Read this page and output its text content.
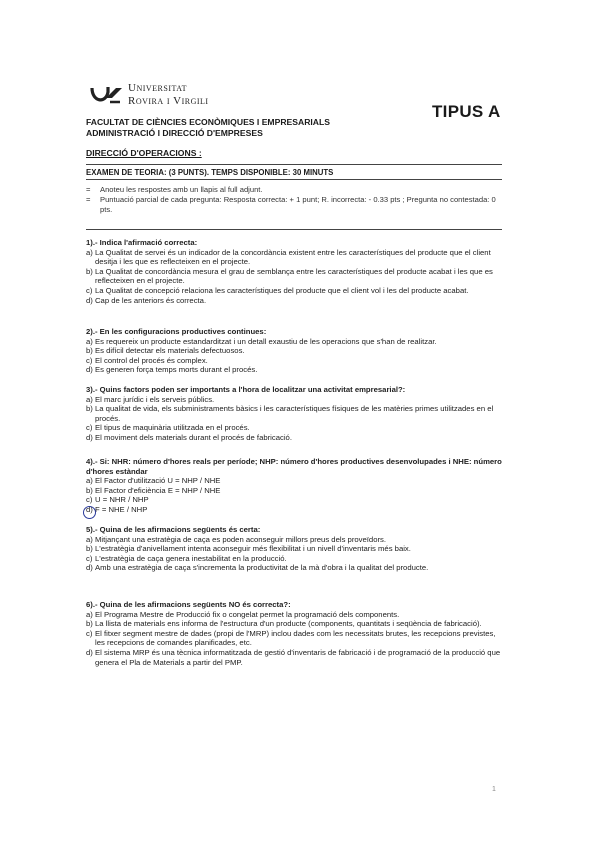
Universitat
Rovira i Virgili
TIPUS A
FACULTAT DE CIÈNCIES ECONÒMIQUES I EMPRESARIALS
ADMINISTRACIÓ I DIRECCIÓ D'EMPRESES
DIRECCIÓ D'OPERACIONS :
EXAMEN DE TEORIA: (3 PUNTS). TEMPS DISPONIBLE: 30 MINUTS
=	Anoteu les respostes amb un llapis al full adjunt.
=	Puntuació parcial de cada pregunta: Resposta correcta: + 1 punt; R. incorrecta: - 0.33 pts ; Pregunta no contestada: 0 pts.
1).- Indica l'afirmació correcta:
a) La Qualitat de servei és un indicador de la concordància existent entre les característiques del producte que el client desitja i les que es reflecteixen en el projecte.
b) La Qualitat de concordància mesura el grau de semblança entre les característiques del producte acabat i les que es reflecteixen en el projecte.
c) La Qualitat de concepció relaciona les característiques del producte que el client vol i les del producte acabat.
d) Cap de les anteriors és correcta.
2).- En les configuracions productives continues:
a) Es requereix un producte estandarditzat i un detall exaustiu de les operacions que s'han de realitzar.
b) Es difícil detectar els materials defectuosos.
c) El control del procés és complex.
d) Es generen força temps morts durant el procés.
3).- Quins factors poden ser importants a l'hora de localitzar una activitat empresarial?:
a) El marc jurídic i els serveis públics.
b) La qualitat de vida, els subministraments bàsics i les característiques físiques de les matèries primes utilitzades en el procés.
c) El tipus de maquinària utilitzada en el procés.
d) El moviment dels materials durant el procés de fabricació.
4).- Si: NHR: número d'hores reals per període; NHP: número d'hores productives desenvolupades i NHE: número d'hores estàndar
a) El Factor d'utilització U = NHP / NHE
b) El Factor d'eficiència E = NHP / NHE
c) U = NHR / NHP
d) F = NHE / NHP
5).- Quina de les afirmacions següents és certa:
a) Mitjançant una estratègia de caça es poden aconseguir millors preus dels proveïdors.
b) L'estratègia d'anivellament intenta aconseguir més flexibilitat i un nivell d'inventaris més baix.
c) L'estratègia de caça genera inestabilitat en la producció.
d) Amb una estratègia de caça s'incrementa la productivitat de la mà d'obra i la qualitat del producte.
6).- Quina de les afirmacions següents NO és correcta?:
a) El Programa Mestre de Producció fix o congelat permet la programació dels components.
b) La llista de materials ens informa de l'estructura d'un producte (components, quantitats i seqüència de fabricació).
c) El fitxer segment mestre de dades (propi de l'MRP) inclou dades com les necessitats brutes, les recepcions previstes, les recepcions de comandes planificades, etc.
d) El sistema MRP és una tècnica informatitzada de gestió d'inventaris de fabricació i de programació de la producció que genera el Pla de Materials a partir del PMP.
1
